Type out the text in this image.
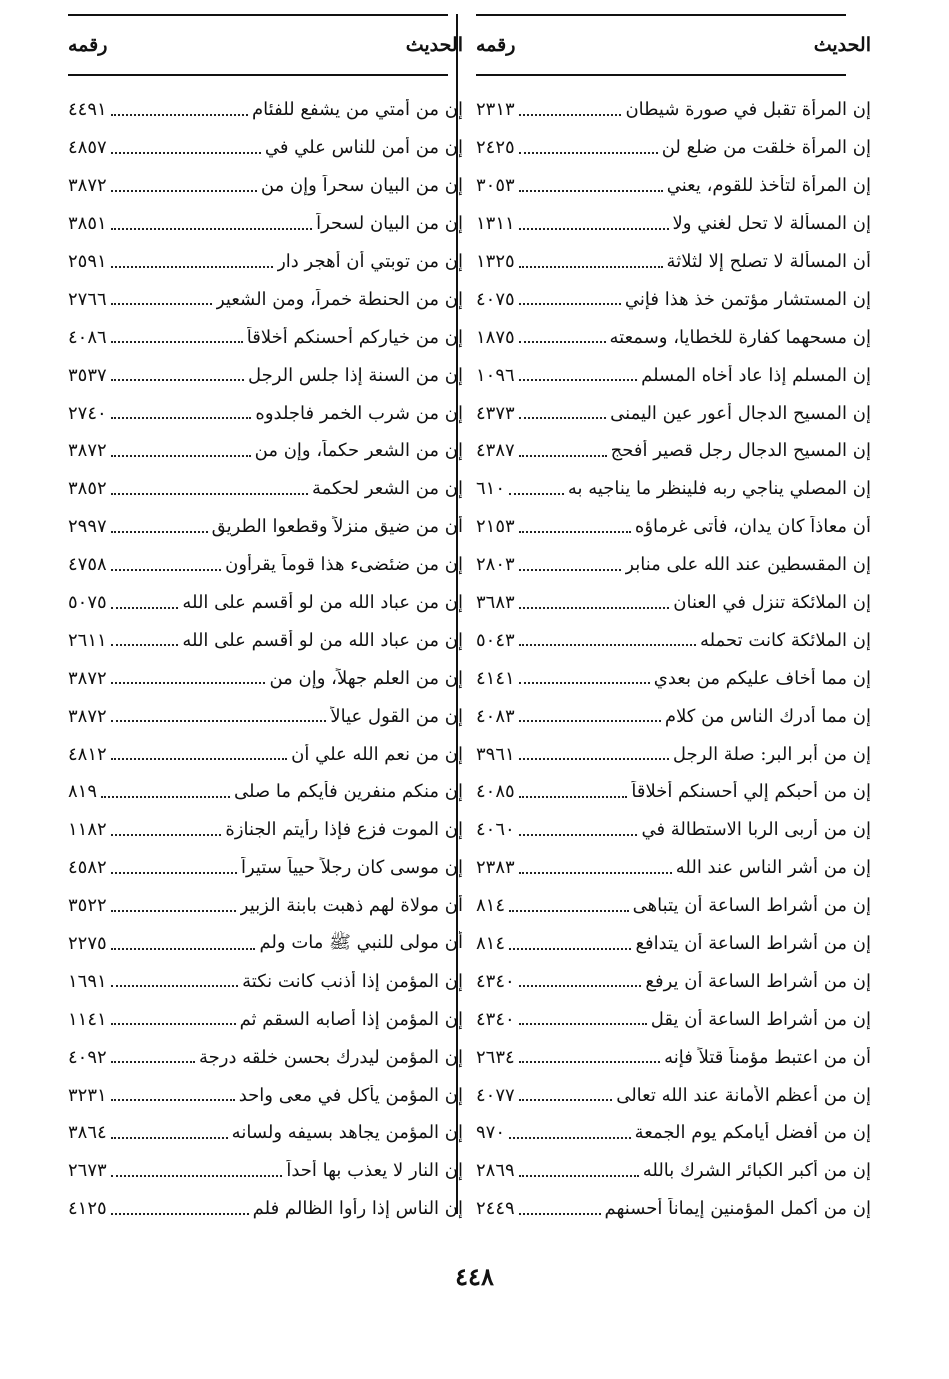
الحديث
رقمه
إن المرأة تقبل في صورة شيطان
٢٣١٣
إن المرأة خلقت من ضلع لن
٢٤٢٥
إن المرأة لتأخذ للقوم، يعني
٣٠٥٣
إن المسألة لا تحل لغني ولا
١٣١١
أن المسألة لا تصلح إلا لثلاثة
١٣٢٥
إن المستشار مؤتمن خذ هذا فإني
٤٠٧٥
إن مسحهما كفارة للخطايا، وسمعته
١٨٧٥
إن المسلم إذا عاد أخاه المسلم
١٠٩٦
إن المسيح الدجال أعور عين اليمنى
٤٣٧٣
إن المسيح الدجال رجل قصير أفحج
٤٣٨٧
إن المصلي يناجي ربه فلينظر ما يناجيه به
٦١٠
أن معاذاً كان يدان، فأتى غرماؤه
٢١٥٣
إن المقسطين عند الله على منابر
٢٨٠٣
إن الملائكة تنزل في العنان
٣٦٨٣
إن الملائكة كانت تحمله
٥٠٤٣
إن مما أخاف عليكم من بعدي
٤١٤١
إن مما أدرك الناس من كلام
٤٠٨٣
إن من أبر البر: صلة الرجل
٣٩٦١
إن من أحبكم إلي أحسنكم أخلاقاً
٤٠٨٥
إن من أربى الربا الاستطالة في
٤٠٦٠
إن من أشر الناس عند الله
٢٣٨٣
إن من أشراط الساعة أن يتباهى
٨١٤
إن من أشراط الساعة أن يتدافع
٨١٤
إن من أشراط الساعة أن يرفع
٤٣٤٠
إن من أشراط الساعة أن يقل
٤٣٤٠
أن من اعتبط مؤمناً قتلاً فإنه
٢٦٣٤
إن من أعظم الأمانة عند الله تعالى
٤٠٧٧
إن من أفضل أيامكم يوم الجمعة
٩٧٠
إن من أكبر الكبائر الشرك بالله
٢٨٦٩
إن من أكمل المؤمنين إيماناً أحسنهم
٢٤٤٩
الحديث
رقمه
إن من أمتي من يشفع للفئام
٤٤٩١
إن من أمن للناس علي في
٤٨٥٧
إن من البيان سحراً وإن من
٣٨٧٢
إن من البيان لسحراً
٣٨٥١
إن من توبتي أن أهجر دار
٢٥٩١
إن من الحنطة خمراً، ومن الشعير
٢٧٦٦
إن من خياركم أحسنكم أخلاقاً
٤٠٨٦
إن من السنة إذا جلس الرجل
٣٥٣٧
إن من شرب الخمر فاجلدوه
٢٧٤٠
إن من الشعر حكماً، وإن من
٣٨٧٢
إن من الشعر لحكمة
٣٨٥٢
أن من ضيق منزلاً وقطعوا الطريق
٢٩٩٧
إن من ضئضىء هذا قوماً يقرأون
٤٧٥٨
إن من عباد الله من لو أقسم على الله
٥٠٧٥
إن من عباد الله من لو أقسم على الله
٢٦١١
إن من العلم جهلاً، وإن من
٣٨٧٢
إن من القول عيالاً
٣٨٧٢
إن من نعم الله علي أن
٤٨١٢
إن منكم منفرين فأيكم ما صلى
٨١٩
إن الموت فزع فإذا رأيتم الجنازة
١١٨٢
إن موسى كان رجلاً حيياً ستيراً
٤٥٨٢
أن مولاة لهم ذهبت بابنة الزبير
٣٥٢٢
أن مولى للنبي ﷺ مات ولم
٢٢٧٥
إن المؤمن إذا أذنب كانت نكتة
١٦٩١
إن المؤمن إذا أصابه السقم ثم
١١٤١
إن المؤمن ليدرك بحسن خلقه درجة
٤٠٩٢
إن المؤمن يأكل في معى واحد
٣٢٣١
إن المؤمن يجاهد بسيفه ولسانه
٣٨٦٤
إن النار لا يعذب بها أحداً
٢٦٧٣
إن الناس إذا رأوا الظالم فلم
٤١٢٥
٤٤٨
